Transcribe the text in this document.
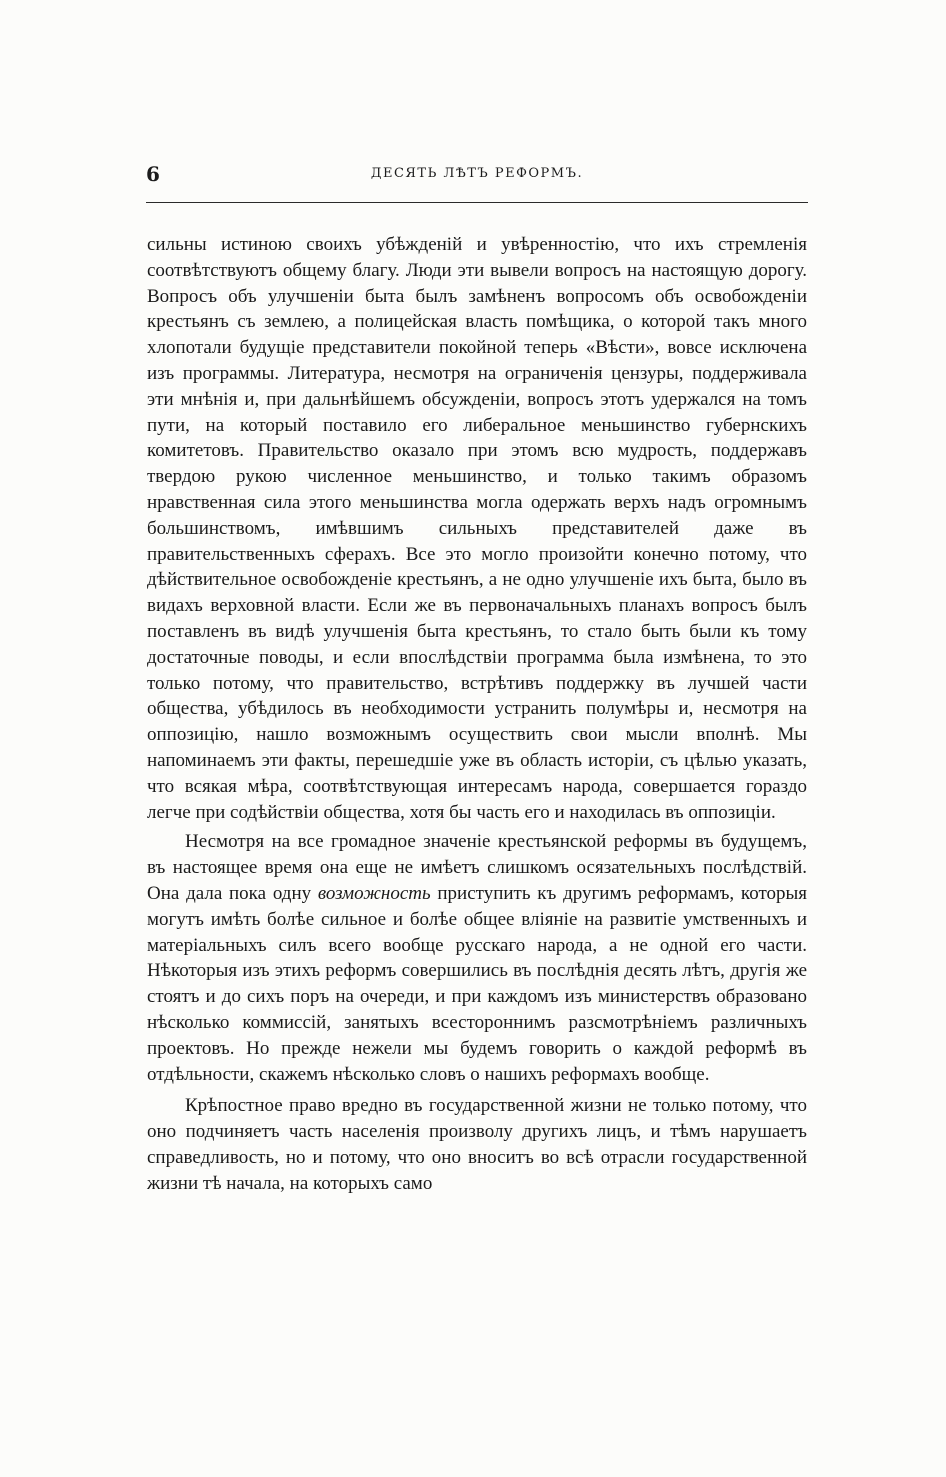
6	ДЕСЯТЬ ЛѢТЪ РЕФОРМЪ.

сильны истиною своихъ убѣжденій и увѣренностію, что ихъ стремленія соотвѣтствуютъ общему благу. Люди эти вывели вопросъ на настоящую дорогу. Вопросъ объ улучшеніи быта былъ замѣненъ вопросомъ объ освобожденіи крестьянъ съ землею, а полицейская власть помѣщика, о которой такъ много хлопотали будущіе представители покойной теперь «Вѣсти», вовсе исключена изъ программы. Литература, несмотря на ограниченія цензуры, поддерживала эти мнѣнія и, при дальнѣйшемъ обсужденіи, вопросъ этотъ удержался на томъ пути, на который поставило его либеральное меньшинство губернскихъ комитетовъ. Правительство оказало при этомъ всю мудрость, поддержавъ твердою рукою численное меньшинство, и только такимъ образомъ нравственная сила этого меньшинства могла одержать верхъ надъ огромнымъ большинствомъ, имѣвшимъ сильныхъ представителей даже въ правительственныхъ сферахъ. Все это могло произойти конечно потому, что дѣйствительное освобожденіе крестьянъ, а не одно улучшеніе ихъ быта, было въ видахъ верховной власти. Если же въ первоначальныхъ планахъ вопросъ былъ поставленъ въ видѣ улучшенія быта крестьянъ, то стало быть были къ тому достаточные поводы, и если впослѣдствіи программа была измѣнена, то это только потому, что правительство, встрѣтивъ поддержку въ лучшей части общества, убѣдилось въ необходимости устранить полумѣры и, несмотря на оппозицію, нашло возможнымъ осуществить свои мысли вполнѣ. Мы напоминаемъ эти факты, перешедшіе уже въ область исторіи, съ цѣлью указать, что всякая мѣра, соотвѣтствующая интересамъ народа, совершается гораздо легче при содѣйствіи общества, хотя бы часть его и находилась въ оппозиціи.

Несмотря на все громадное значеніе крестьянской реформы въ будущемъ, въ настоящее время она еще не имѣетъ слишкомъ осязательныхъ послѣдствій. Она дала пока одну возможность приступить къ другимъ реформамъ, которыя могутъ имѣть болѣе сильное и болѣе общее вліяніе на развитіе умственныхъ и матеріальныхъ силъ всего вообще русскаго народа, а не одной его части. Нѣкоторыя изъ этихъ реформъ совершились въ послѣднія десять лѣтъ, другія же стоятъ и до сихъ поръ на очереди, и при каждомъ изъ министерствъ образовано нѣсколько коммиссій, занятыхъ всестороннимъ разсмотрѣніемъ различныхъ проектовъ. Но прежде нежели мы будемъ говорить о каждой реформѣ въ отдѣльности, скажемъ нѣсколько словъ о нашихъ реформахъ вообще.

Крѣпостное право вредно въ государственной жизни не только потому, что оно подчиняетъ часть населенія произволу другихъ лицъ, и тѣмъ нарушаетъ справедливость, но и потому, что оно вноситъ во всѣ отрасли государственной жизни тѣ начала, на которыхъ само
